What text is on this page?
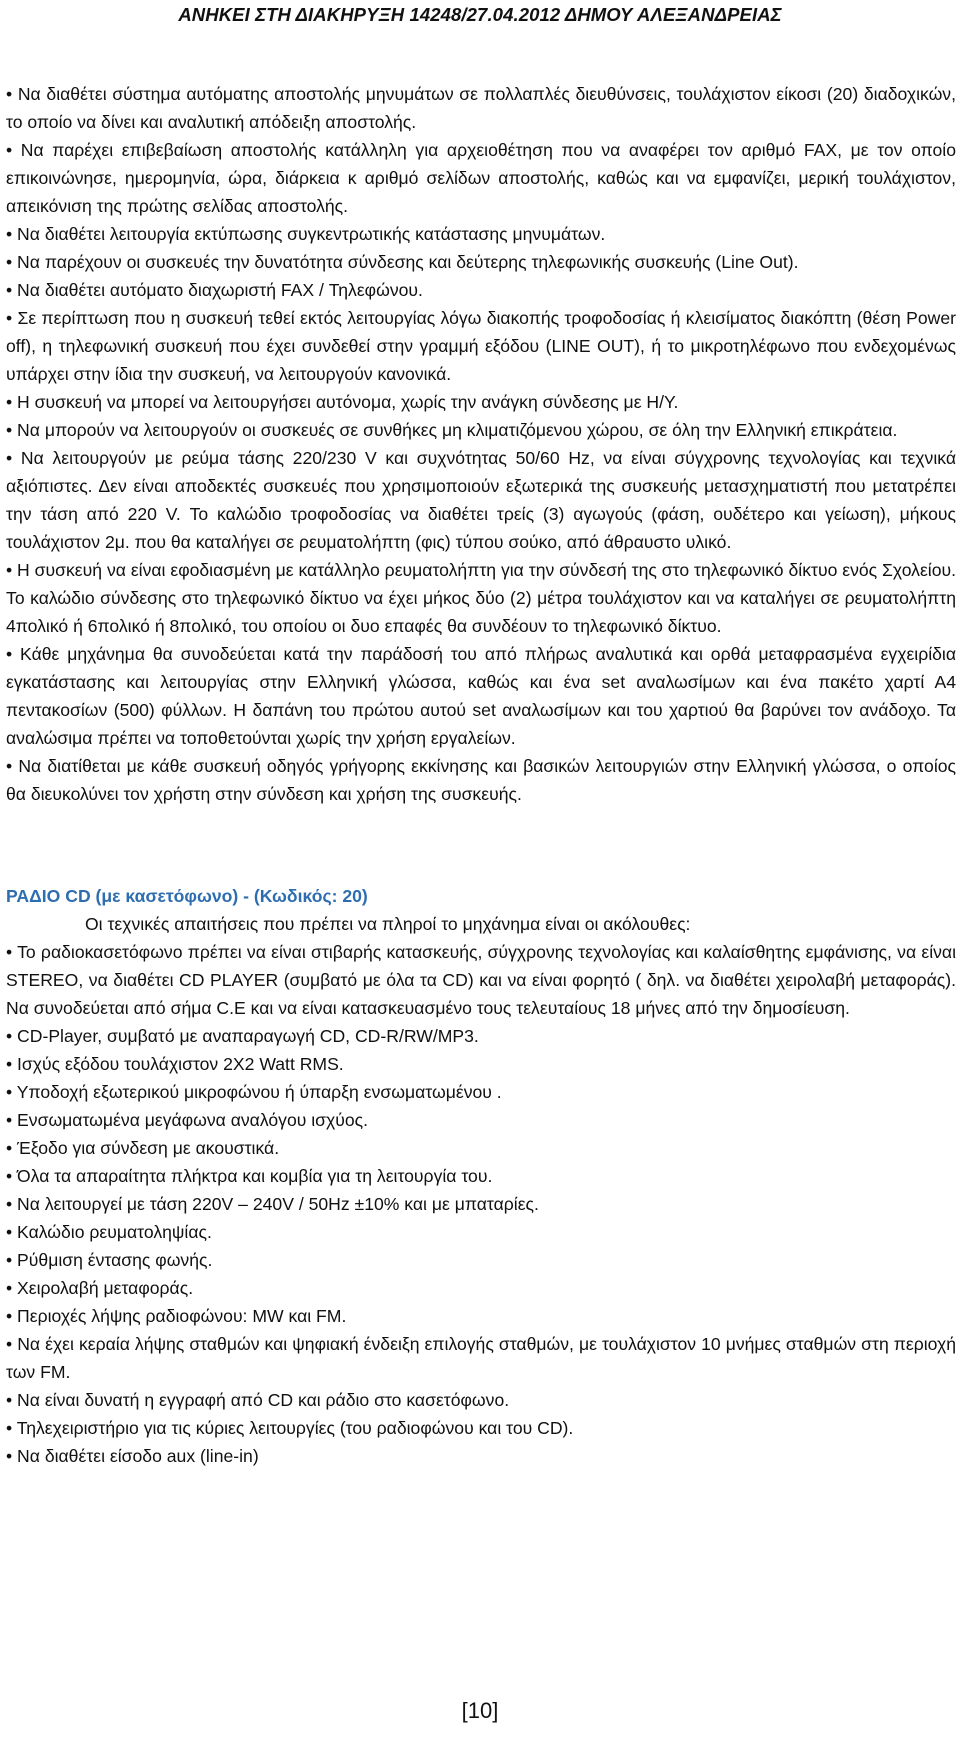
ΑΝΗΚΕΙ ΣΤΗ ΔΙΑΚΗΡΥΞΗ 14248/27.04.2012 ΔΗΜΟΥ ΑΛΕΞΑΝΔΡΕΙΑΣ

• Να διαθέτει σύστημα αυτόματης αποστολής μηνυμάτων σε πολλαπλές διευθύνσεις, τουλάχιστον είκοσι (20) διαδοχικών, το οποίο να δίνει και αναλυτική απόδειξη αποστολής.

• Να παρέχει επιβεβαίωση αποστολής κατάλληλη για αρχειοθέτηση που να αναφέρει τον αριθμό FAX, με τον οποίο επικοινώνησε, ημερομηνία, ώρα, διάρκεια κ αριθμό σελίδων αποστολής, καθώς και να εμφανίζει, μερική τουλάχιστον, απεικόνιση της πρώτης σελίδας αποστολής.

• Να διαθέτει λειτουργία εκτύπωσης συγκεντρωτικής κατάστασης μηνυμάτων.

• Να παρέχουν οι συσκευές την δυνατότητα σύνδεσης και δεύτερης τηλεφωνικής συσκευής (Line Out).

• Να διαθέτει αυτόματο διαχωριστή FAX / Τηλεφώνου.

• Σε περίπτωση που η συσκευή τεθεί εκτός λειτουργίας λόγω διακοπής τροφοδοσίας ή κλεισίματος διακόπτη (θέση Power off), η τηλεφωνική συσκευή που έχει συνδεθεί στην γραμμή εξόδου (LINE OUT), ή το μικροτηλέφωνο που ενδεχομένως υπάρχει στην ίδια την συσκευή, να λειτουργούν κανονικά.

• Η συσκευή να μπορεί να λειτουργήσει αυτόνομα, χωρίς την ανάγκη σύνδεσης με Η/Υ.

• Να μπορούν να λειτουργούν οι συσκευές σε συνθήκες μη κλιματιζόμενου χώρου, σε όλη την Ελληνική επικράτεια.

• Να λειτουργούν με ρεύμα τάσης 220/230 V και συχνότητας 50/60 Hz, να είναι σύγχρονης τεχνολογίας και τεχνικά αξιόπιστες. Δεν είναι αποδεκτές συσκευές που χρησιμοποιούν εξωτερικά της συσκευής μετασχηματιστή που μετατρέπει την τάση από 220 V. Το καλώδιο τροφοδοσίας να διαθέτει τρείς (3) αγωγούς (φάση, ουδέτερο και γείωση), μήκους τουλάχιστον 2μ. που θα καταλήγει σε ρευματολήπτη (φις) τύπου σούκο, από άθραυστο υλικό.

• Η συσκευή να είναι εφοδιασμένη με κατάλληλο ρευματολήπτη για την σύνδεσή της στο τηλεφωνικό δίκτυο ενός Σχολείου. Το καλώδιο σύνδεσης στο τηλεφωνικό δίκτυο να έχει μήκος δύο (2) μέτρα τουλάχιστον και να καταλήγει σε ρευματολήπτη 4πολικό ή 6πολικό ή 8πολικό, του οποίου οι δυο επαφές θα συνδέουν το τηλεφωνικό δίκτυο.

• Κάθε μηχάνημα θα συνοδεύεται κατά την παράδοσή του από πλήρως αναλυτικά και ορθά μεταφρασμένα εγχειρίδια εγκατάστασης και λειτουργίας στην Ελληνική γλώσσα, καθώς και ένα set αναλωσίμων και ένα πακέτο χαρτί Α4 πεντακοσίων (500) φύλλων. Η δαπάνη του πρώτου αυτού set αναλωσίμων και του χαρτιού θα βαρύνει τον ανάδοχο. Τα αναλώσιμα πρέπει να τοποθετούνται χωρίς την χρήση εργαλείων.

• Να διατίθεται με κάθε συσκευή οδηγός γρήγορης εκκίνησης και βασικών λειτουργιών στην Ελληνική γλώσσα, ο οποίος θα διευκολύνει τον χρήστη στην σύνδεση και χρήση της συσκευής.

ΡΑΔΙΟ CD (με κασετόφωνο) - (Κωδικός: 20)

Οι τεχνικές απαιτήσεις που πρέπει να πληροί το μηχάνημα είναι οι ακόλουθες:

• Το ραδιοκασετόφωνο πρέπει να είναι στιβαρής κατασκευής, σύγχρονης τεχνολογίας και καλαίσθητης εμφάνισης, να είναι STEREO, να διαθέτει CD PLAYER (συμβατό με όλα τα CD) και να είναι φορητό ( δηλ. να διαθέτει χειρολαβή μεταφοράς). Να συνοδεύεται από σήμα C.E και να είναι κατασκευασμένο τους τελευταίους 18 μήνες από την δημοσίευση.

• CD-Player, συμβατό με αναπαραγωγή CD, CD-R/RW/MP3.

• Ισχύς εξόδου τουλάχιστον 2Χ2 Watt RMS.

• Υποδοχή εξωτερικού μικροφώνου ή ύπαρξη ενσωματωμένου .

• Ενσωματωμένα μεγάφωνα αναλόγου ισχύος.

• Έξοδο για σύνδεση με ακουστικά.

• Όλα τα απαραίτητα πλήκτρα και κομβία για τη λειτουργία του.

• Να λειτουργεί με τάση 220V – 240V / 50Hz ±10% και με μπαταρίες.

• Καλώδιο ρευματοληψίας.

• Ρύθμιση έντασης φωνής.

• Χειρολαβή μεταφοράς.

• Περιοχές λήψης ραδιοφώνου: MW και FM.

• Να έχει κεραία λήψης σταθμών και ψηφιακή ένδειξη επιλογής σταθμών, με τουλάχιστον 10 μνήμες σταθμών στη περιοχή των FM.

• Να είναι δυνατή η εγγραφή από CD και ράδιο στο κασετόφωνο.

• Τηλεχειριστήριο για τις κύριες λειτουργίες (του ραδιοφώνου και του CD).

• Να διαθέτει είσοδο aux (line-in)

[10]
